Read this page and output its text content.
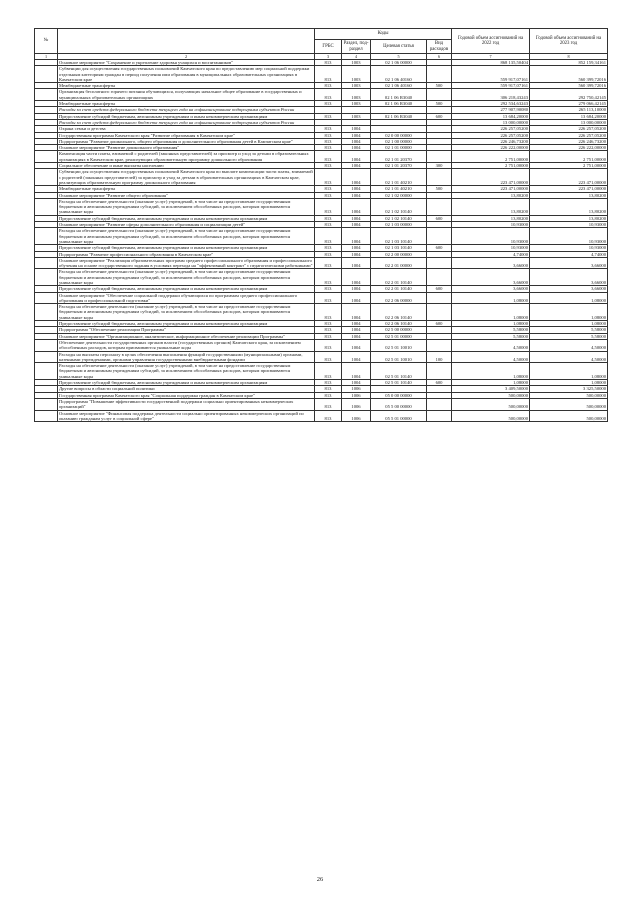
№		Коды				Годовой объем ассигнований на 2022 год	Годовой объем ассигнований на 2023 год
		ГРБС	Раздел, под-раздел	Целевая статья	Вид расходов		
1	2	3	4	5	6	7	8
	Основное мероприятие "Сохранение и укрепление здоровья учащихся и воспитанников"	813	1003	02 1 06 00000		868 135,50404	852 159,34161
	Субвенции для осуществления государственных полномочий Камчатского края по предоставлению мер социальной поддержки отдельным категориям граждан в период получения ими образования в муниципальных образовательных организациях в Камчатском крае	813	1003	02 1 06 40160		559 917,07161	560 399,72016
	Межбюджетные трансферты	813	1003	02 1 06 40160	500	559 917,07161	560 399,72016
	Организация бесплатного горячего питания обучающихся, получающих начальное общее образование в государственных и муниципальных образовательных организациях	813	1003	02 1 06 R3040		306 218,43243	292 750,42145
	Межбюджетные трансферты	813	1003	02 1 06 R3040	500	292 534,63243	279 066,42145
	Расходы за счет средств федерального бюджета текущего года на софинансирование подпрограмм субъектов России					277 907,90080	265 113,10000
	Предоставление субсидий бюджетным, автономным учреждениям и иным некоммерческим организациям	813	1003	02 1 06 R3040	600	13 684,20000	13 684,20000
	Расходы за счет средств федерального бюджета текущего года на софинансирование подпрограмм субъектов России					13 000,00000	13 000,00000
	Охрана семьи и детства	813	1004			226 257,05200	226 257,05200
	Государственная программа Камчатского края "Развитие образования в Камчатском крае"	813	1004	02 0 00 00000		226 257,05200	226 257,05200
	Подпрограмма "Развитие дошкольного, общего образования и дополнительного образования детей в Камчатском крае"	813	1004	02 1 00 00000		226 246,73200	226 246,73200
	Основное мероприятие "Развитие дошкольного образования"	813	1004	02 1 01 00000		226 222,00000	226 222,00000
	Компенсация части платы, взимаемой с родителей (законных представителей) за присмотр и уход за детьми в образовательных организациях в Камчатском крае, реализующих образовательную программу дошкольного образования	813	1004	02 1 01 20370		2 751,00000	2 751,00000
	Социальное обеспечение и иные выплаты населению	813	1004	02 1 01 20370	300	2 751,00000	2 751,00000
	Субвенции для осуществления государственных полномочий Камчатского края по выплате компенсации части платы, взимаемой с родителей (законных представителей) за присмотр и уход за детьми в образовательных организациях в Камчатском крае, реализующих образовательную программу дошкольного образования	813	1004	02 1 01 40210		223 471,00000	223 471,00000
	Межбюджетные трансферты	813	1004	02 1 01 40210	500	223 471,00000	223 471,00000
	Основное мероприятие "Развитие общего образования"	813	1004	02 1 02 00000		13,80200	13,80200
	Расходы на обеспечение деятельности (оказание услуг) учреждений, в том числе на предоставление государственным бюджетным и автономным учреждениям субсидий, за исключением обособленных расходов, которым присваиваются уникальные коды	813	1004	02 1 02 10140		13,80200	13,80200
	Предоставление субсидий бюджетным, автономным учреждениям и иным некоммерческим организациям	813	1004	02 1 02 10140	600	13,80200	13,80200
	Основное мероприятие "Развитие сферы дополнительного образования и социализации детей"	813	1004	02 1 03 00000		10,93000	10,93000
	Расходы на обеспечение деятельности (оказание услуг) учреждений, в том числе на предоставление государственным бюджетным и автономным учреждениям субсидий, за исключением обособленных расходов, которым присваиваются уникальные коды	813	1004	02 1 03 10140		10,93000	10,93000
	Предоставление субсидий бюджетным, автономным учреждениям и иным некоммерческим организациям	813	1004	02 1 03 10140	600	10,93000	10,93000
	Подпрограмма "Развитие профессионального образования в Камчатском крае"	813	1004	02 2 00 00000		4,74000	4,74000
	Основное мероприятие "Реализация образовательных программ среднего профессионального образования и профессионального обучения на основе государственного задания в условиях перехода на "эффективный контракт" с педагогическими работниками"	813	1004	02 2 01 00000		3,66000	3,66000
	Расходы на обеспечение деятельности (оказание услуг) учреждений, в том числе на предоставление государственным бюджетным и автономным учреждениям субсидий, за исключением обособленных расходов, которым присваиваются уникальные коды	813	1004	02 2 01 10140		3,66000	3,66000
	Предоставление субсидий бюджетным, автономным учреждениям и иным некоммерческим организациям	813	1004	02 2 01 10140	600	3,66000	3,66000
	Основное мероприятие "Обеспечение социальной поддержки обучающихся по программам среднего профессионального образования и профессиональной подготовки"	813	1004	02 2 06 00000		1,08000	1,08000
	Расходы на обеспечение деятельности (оказание услуг) учреждений, в том числе на предоставление государственным бюджетным и автономным учреждениям субсидий, за исключением обособленных расходов, которым присваиваются уникальные коды	813	1004	02 2 06 10140		1,08000	1,08000
	Предоставление субсидий бюджетным, автономным учреждениям и иным некоммерческим организациям	813	1004	02 2 06 10140	600	1,08000	1,08000
	Подпрограмма "Обеспечение реализации Программы"	813	1004	02 5 00 00000		5,58000	5,58000
	Основное мероприятие "Организационное, аналитическое, информационное обеспечение реализации Программы"	813	1004	02 5 01 00000		5,58000	5,58000
	Обеспечение деятельности государственных органов власти (государственных органов) Камчатского края, за исключением обособленных расходов, которым присваиваются уникальные коды	813	1004	02 5 01 10010		4,50000	4,50000
	Расходы на выплаты персоналу в целях обеспечения выполнения функций государственными (муниципальными) органами, казенными учреждениями, органами управления государственными внебюджетными фондами	813	1004	02 5 01 10010	100	4,50000	4,50000
	Расходы на обеспечение деятельности (оказание услуг) учреждений, в том числе на предоставление государственным бюджетным и автономным учреждениям субсидий, за исключением обособленных расходов, которым присваиваются уникальные коды	813	1004	02 5 01 10140		1,08000	1,08000
	Предоставление субсидий бюджетным, автономным учреждениям и иным некоммерческим организациям	813	1004	02 5 01 10140	600	1,08000	1,08000
	Другие вопросы в области социальной политики	813	1006			3 409,50000	3 325,50000
	Государственная программа Камчатского края "Социальная поддержка граждан в Камчатском крае"	813	1006	05 0 00 00000		500,00000	500,00000
	Подпрограмма "Повышение эффективности государственной поддержки социально ориентированных некоммерческих организаций"	813	1006	05 5 00 00000		500,00000	500,00000
	Основное мероприятие "Финансовая поддержка деятельности социально ориентированных некоммерческих организаций по оказанию гражданам услуг в социальной сфере"	813	1006	05 5 01 00000		500,00000	500,00000
26
